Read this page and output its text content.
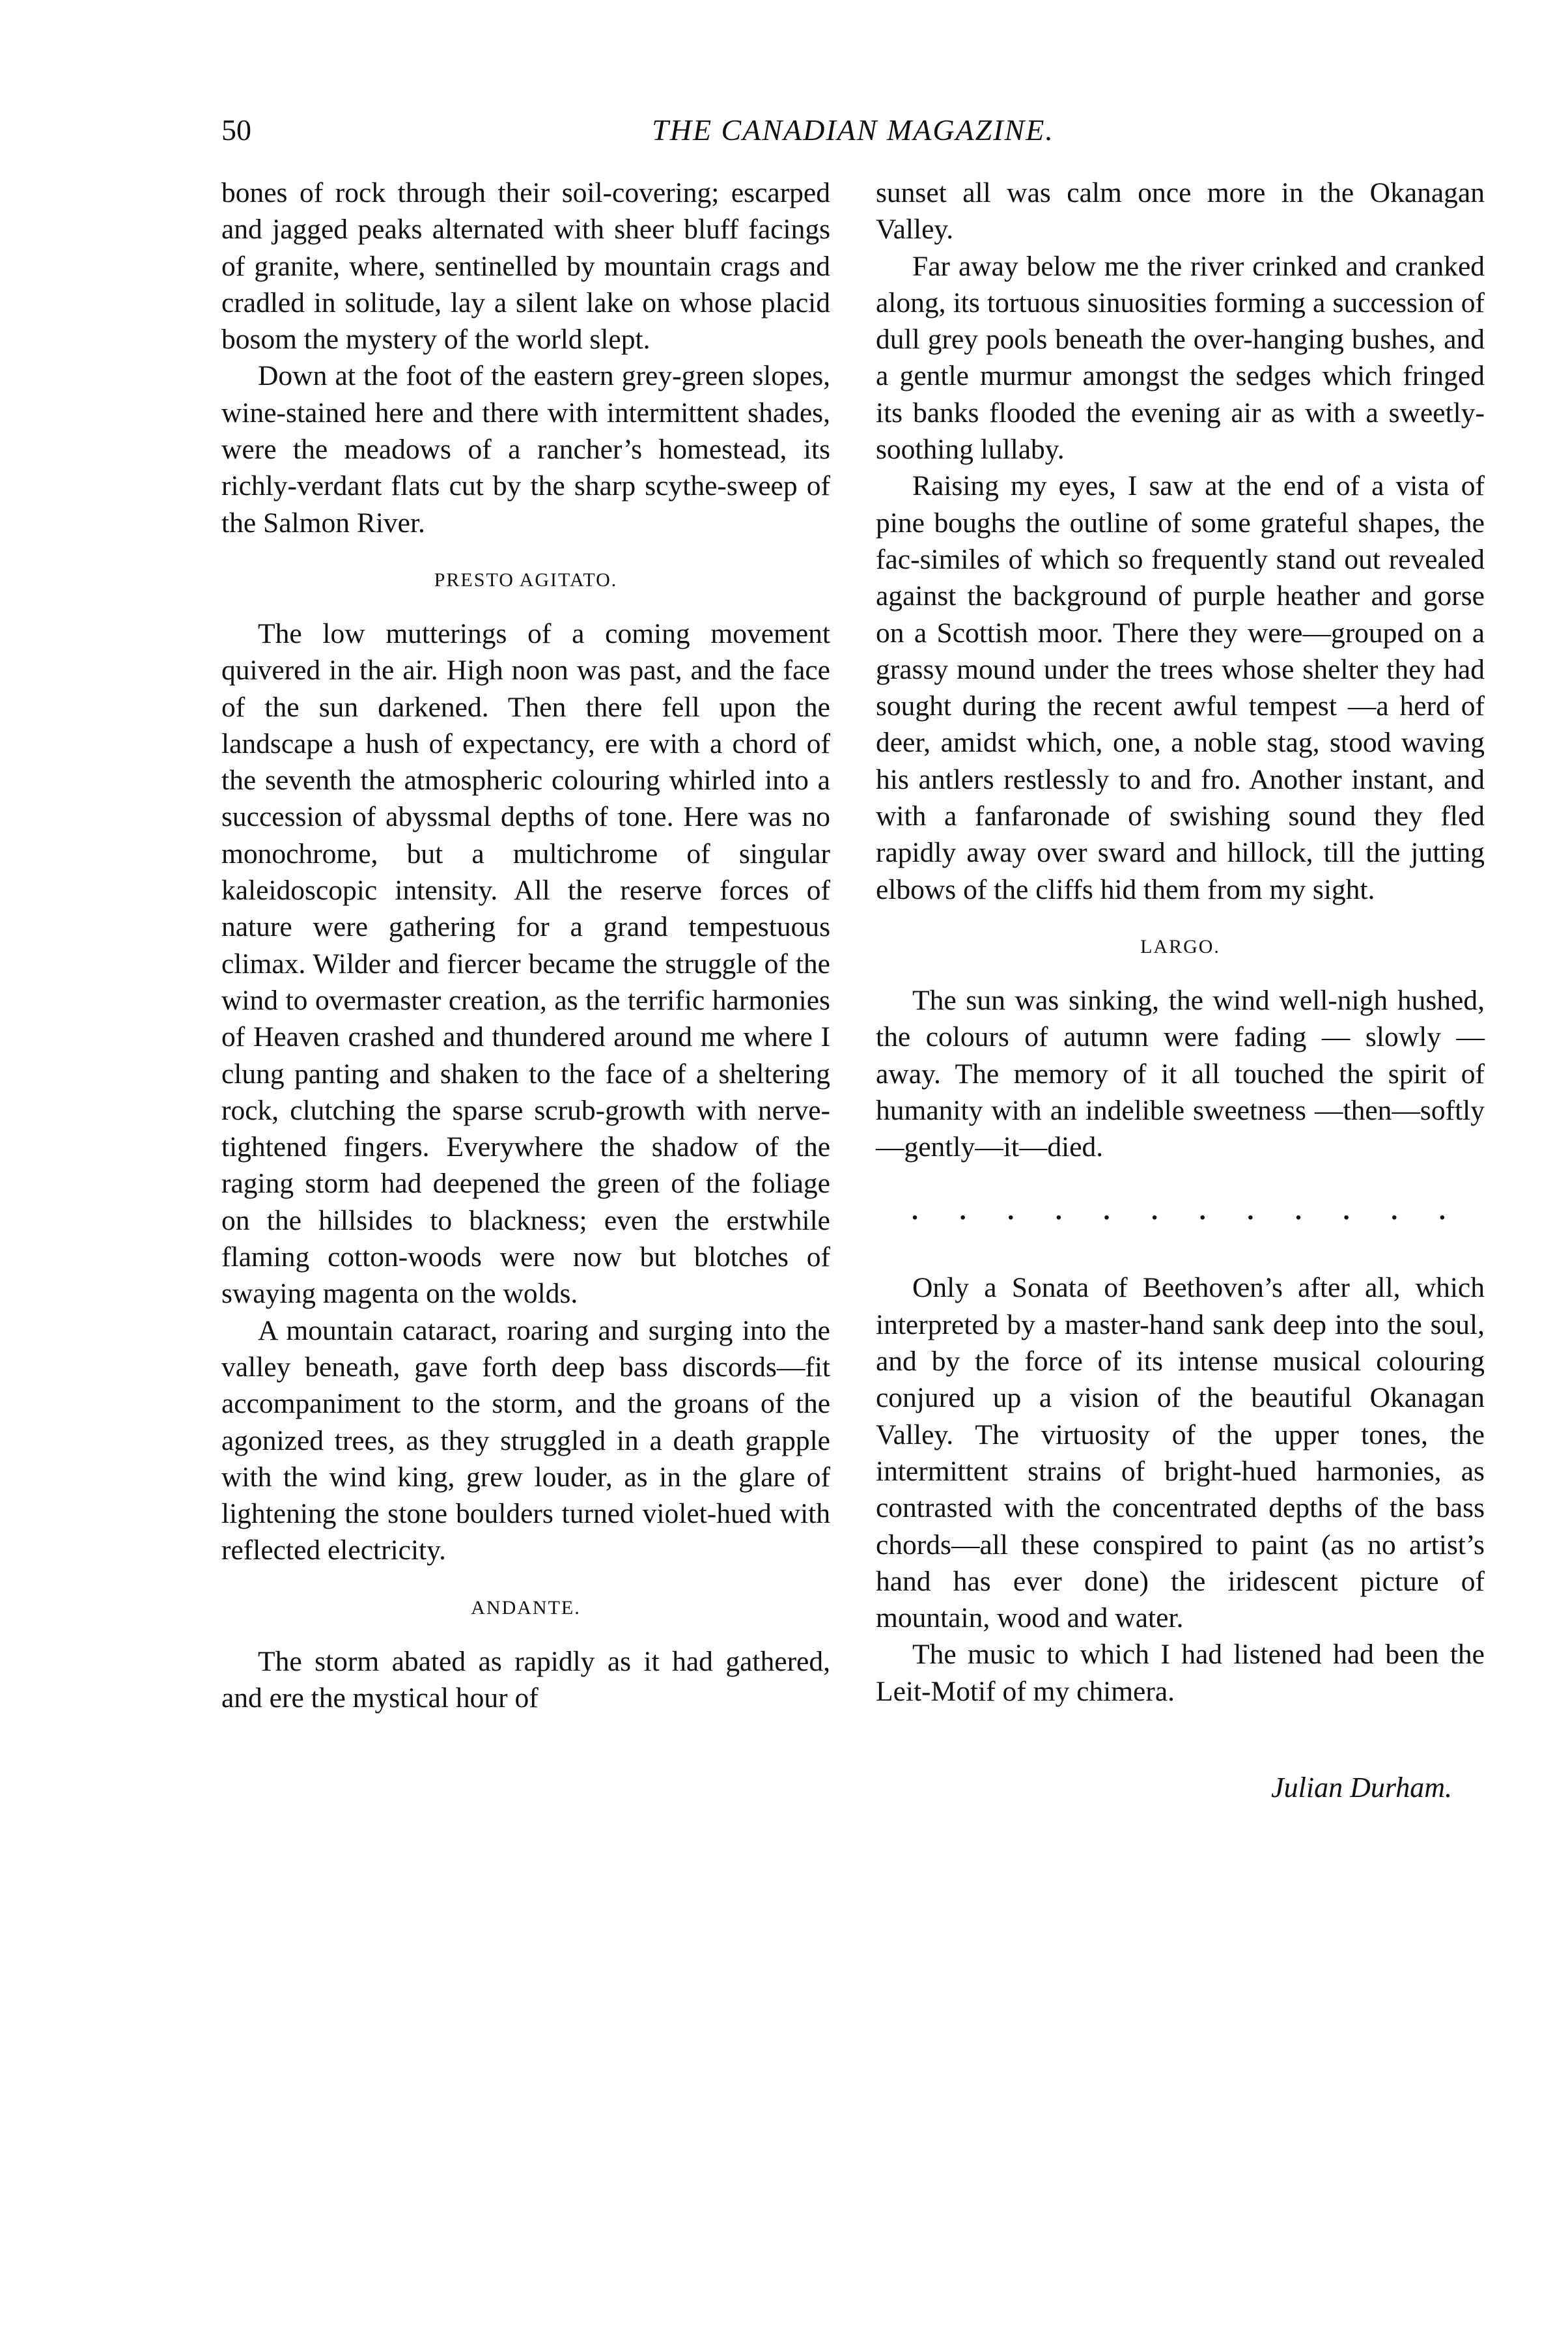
50	THE CANADIAN MAGAZINE.

bones of rock through their soil-covering; escarped and jagged peaks alternated with sheer bluff facings of granite, where, sentinelled by mountain crags and cradled in solitude, lay a silent lake on whose placid bosom the mystery of the world slept.

Down at the foot of the eastern grey-green slopes, wine-stained here and there with intermittent shades, were the meadows of a rancher’s homestead, its richly-verdant flats cut by the sharp scythe-sweep of the Salmon River.

PRESTO AGITATO.

The low mutterings of a coming movement quivered in the air. High noon was past, and the face of the sun darkened. Then there fell upon the landscape a hush of expectancy, ere with a chord of the seventh the atmospheric colouring whirled into a succession of abyssmal depths of tone. Here was no monochrome, but a multichrome of singular kaleidoscopic intensity. All the reserve forces of nature were gathering for a grand tempestuous climax. Wilder and fiercer became the struggle of the wind to overmaster creation, as the terrific harmonies of Heaven crashed and thundered around me where I clung panting and shaken to the face of a sheltering rock, clutching the sparse scrub-growth with nerve-tightened fingers. Everywhere the shadow of the raging storm had deepened the green of the foliage on the hillsides to blackness; even the erstwhile flaming cotton-woods were now but blotches of swaying magenta on the wolds.

A mountain cataract, roaring and surging into the valley beneath, gave forth deep bass discords—fit accompaniment to the storm, and the groans of the agonized trees, as they struggled in a death grapple with the wind king, grew louder, as in the glare of lightening the stone boulders turned violet-hued with reflected electricity.

ANDANTE.

The storm abated as rapidly as it had gathered, and ere the mystical hour of

sunset all was calm once more in the Okanagan Valley.

Far away below me the river crinked and cranked along, its tortuous sinuosities forming a succession of dull grey pools beneath the over-hanging bushes, and a gentle murmur amongst the sedges which fringed its banks flooded the evening air as with a sweetly-soothing lullaby.

Raising my eyes, I saw at the end of a vista of pine boughs the outline of some grateful shapes, the fac-similes of which so frequently stand out revealed against the background of purple heather and gorse on a Scottish moor. There they were—grouped on a grassy mound under the trees whose shelter they had sought during the recent awful tempest —a herd of deer, amidst which, one, a noble stag, stood waving his antlers restlessly to and fro. Another instant, and with a fanfaronade of swishing sound they fled rapidly away over sward and hillock, till the jutting elbows of the cliffs hid them from my sight.

LARGO.

The sun was sinking, the wind well-nigh hushed, the colours of autumn were fading — slowly — away. The memory of it all touched the spirit of humanity with an indelible sweetness —then—softly—gently—it—died.

. . . . . . . . . . . .

Only a Sonata of Beethoven’s after all, which interpreted by a master-hand sank deep into the soul, and by the force of its intense musical colouring conjured up a vision of the beautiful Okanagan Valley. The virtuosity of the upper tones, the intermittent strains of bright-hued harmonies, as contrasted with the concentrated depths of the bass chords—all these conspired to paint (as no artist’s hand has ever done) the iridescent picture of mountain, wood and water.

The music to which I had listened had been the Leit-Motif of my chimera.

Julian Durham.
